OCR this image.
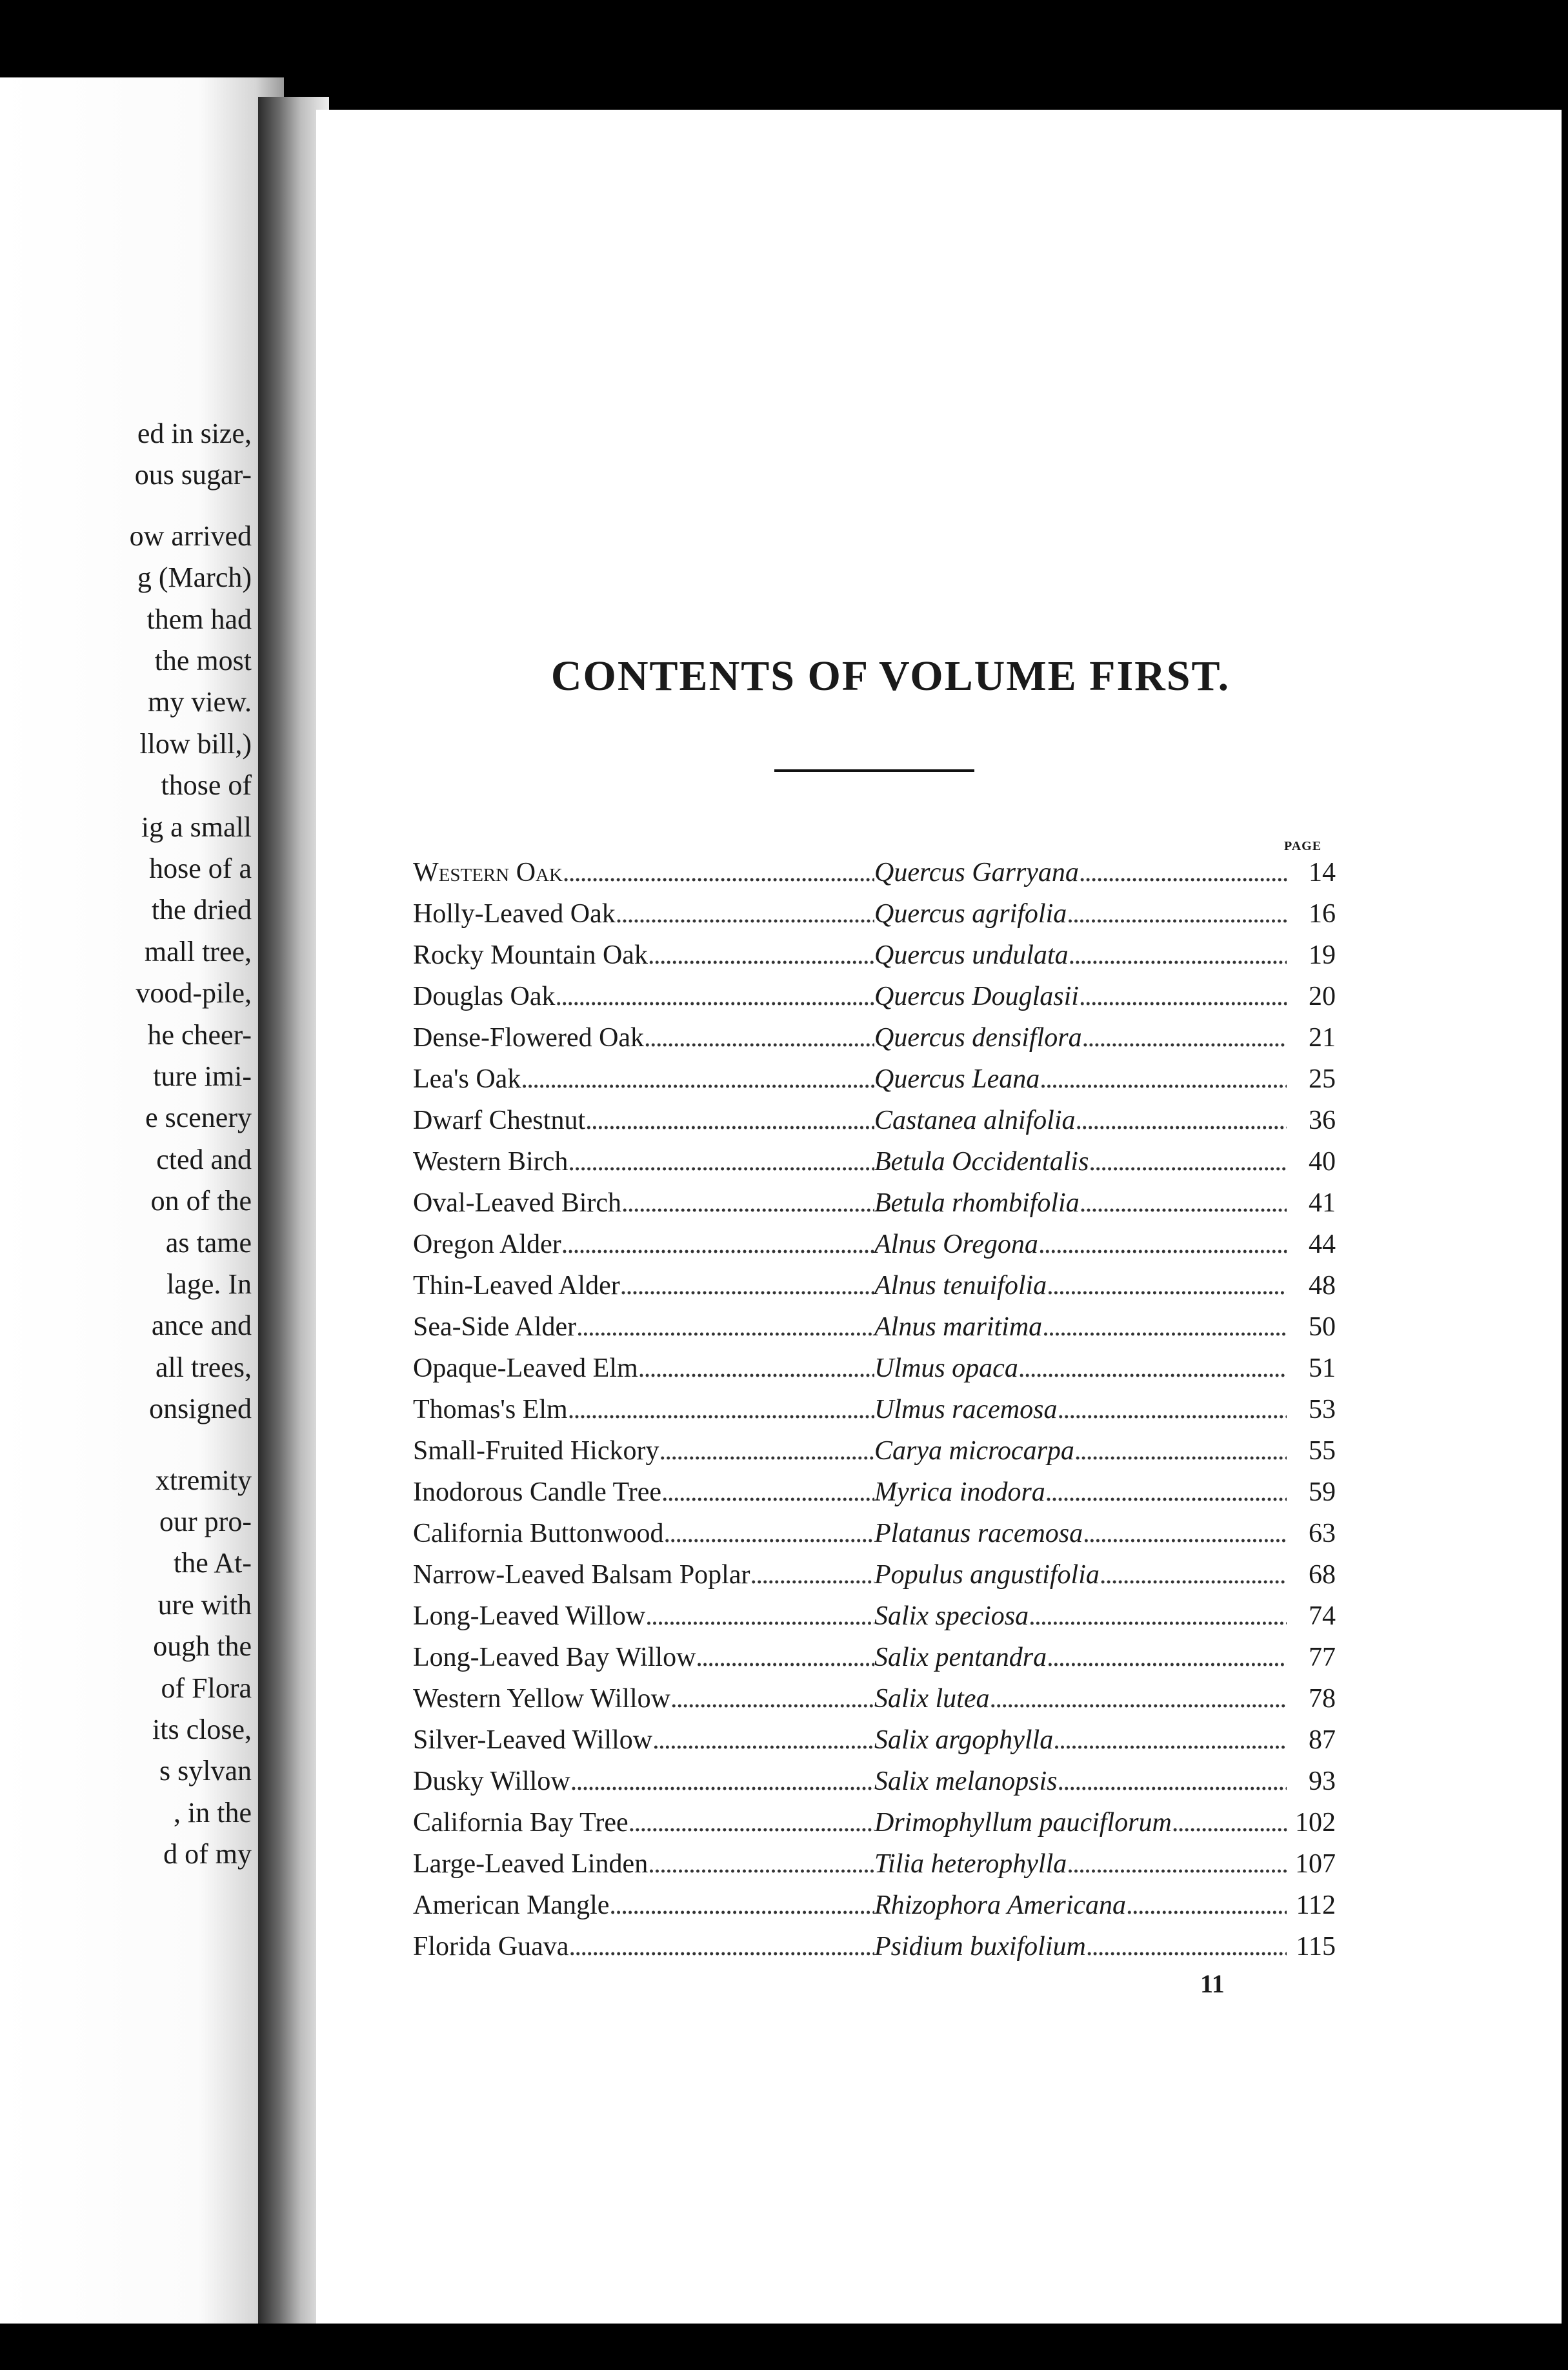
ed in size,
ous sugar-
ow arrived
g (March)
them had
the most
my view.
llow bill,)
those of
ig a small
hose of a
the dried
mall tree,
vood-pile,
he cheer-
ture imi-
e scenery
cted and
on of the
as tame
lage. In
ance and
all trees,
onsigned
xtremity
our pro-
the At-
ure with
ough the
of Flora
its close,
s sylvan
, in the
d of my
CONTENTS OF VOLUME FIRST.
PAGE
Western Oak . . .	Quercus Garryana . . .	14
Holly-Leaved Oak . . .	Quercus agrifolia . . .	16
Rocky Mountain Oak . . .	Quercus undulata . . .	19
Douglas Oak . . .	Quercus Douglasii . . .	20
Dense-Flowered Oak . . .	Quercus densiflora . . .	21
Lea's Oak . . .	Quercus Leana . . .	25
Dwarf Chestnut . . .	Castanea alnifolia . . .	36
Western Birch . . .	Betula Occidentalis . . .	40
Oval-Leaved Birch . . .	Betula rhombifolia . . .	41
Oregon Alder . . .	Alnus Oregona . . .	44
Thin-Leaved Alder . . .	Alnus tenuifolia . . .	48
Sea-Side Alder . . .	Alnus maritima . . .	50
Opaque-Leaved Elm . . .	Ulmus opaca . . .	51
Thomas's Elm . . .	Ulmus racemosa . . .	53
Small-Fruited Hickory . . .	Carya microcarpa . . .	55
Inodorous Candle Tree . . .	Myrica inodora . . .	59
California Buttonwood . . .	Platanus racemosa . . .	63
Narrow-Leaved Balsam Poplar . . .	Populus angustifolia . . .	68
Long-Leaved Willow . . .	Salix speciosa . . .	74
Long-Leaved Bay Willow . . .	Salix pentandra . . .	77
Western Yellow Willow . . .	Salix lutea . . .	78
Silver-Leaved Willow . . .	Salix argophylla . . .	87
Dusky Willow . . .	Salix melanopsis . . .	93
California Bay Tree . . .	Drimophyllum pauciflorum . . .	102
Large-Leaved Linden . . .	Tilia heterophylla . . .	107
American Mangle . . .	Rhizophora Americana . . .	112
Florida Guava . . .	Psidium buxifolium . . .	115
11
